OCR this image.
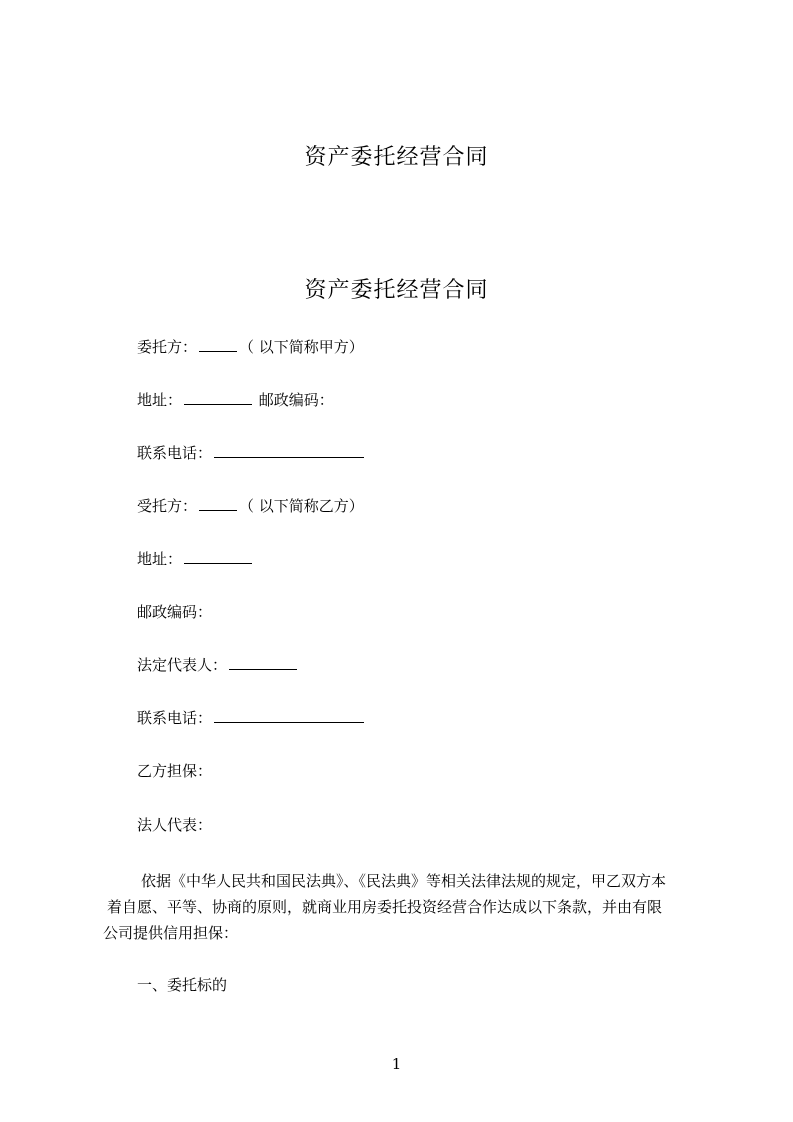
资产委托经营合同
资产委托经营合同
委托方：	（ 以下简称甲方）
地址：	邮政编码：
联系电话：
受托方：	（ 以下简称乙方）
地址：
邮政编码：
法定代表人：
联系电话：
乙方担保：
法人代表：
依据《中华人民共和国民法典》、《民法典》等相关法律法规的规定，甲乙双方本
着自愿、平等、协商的原则，就商业用房委托投资经营合作达成以下条款，并由有限
公司提供信用担保：
一、委托标的
1
